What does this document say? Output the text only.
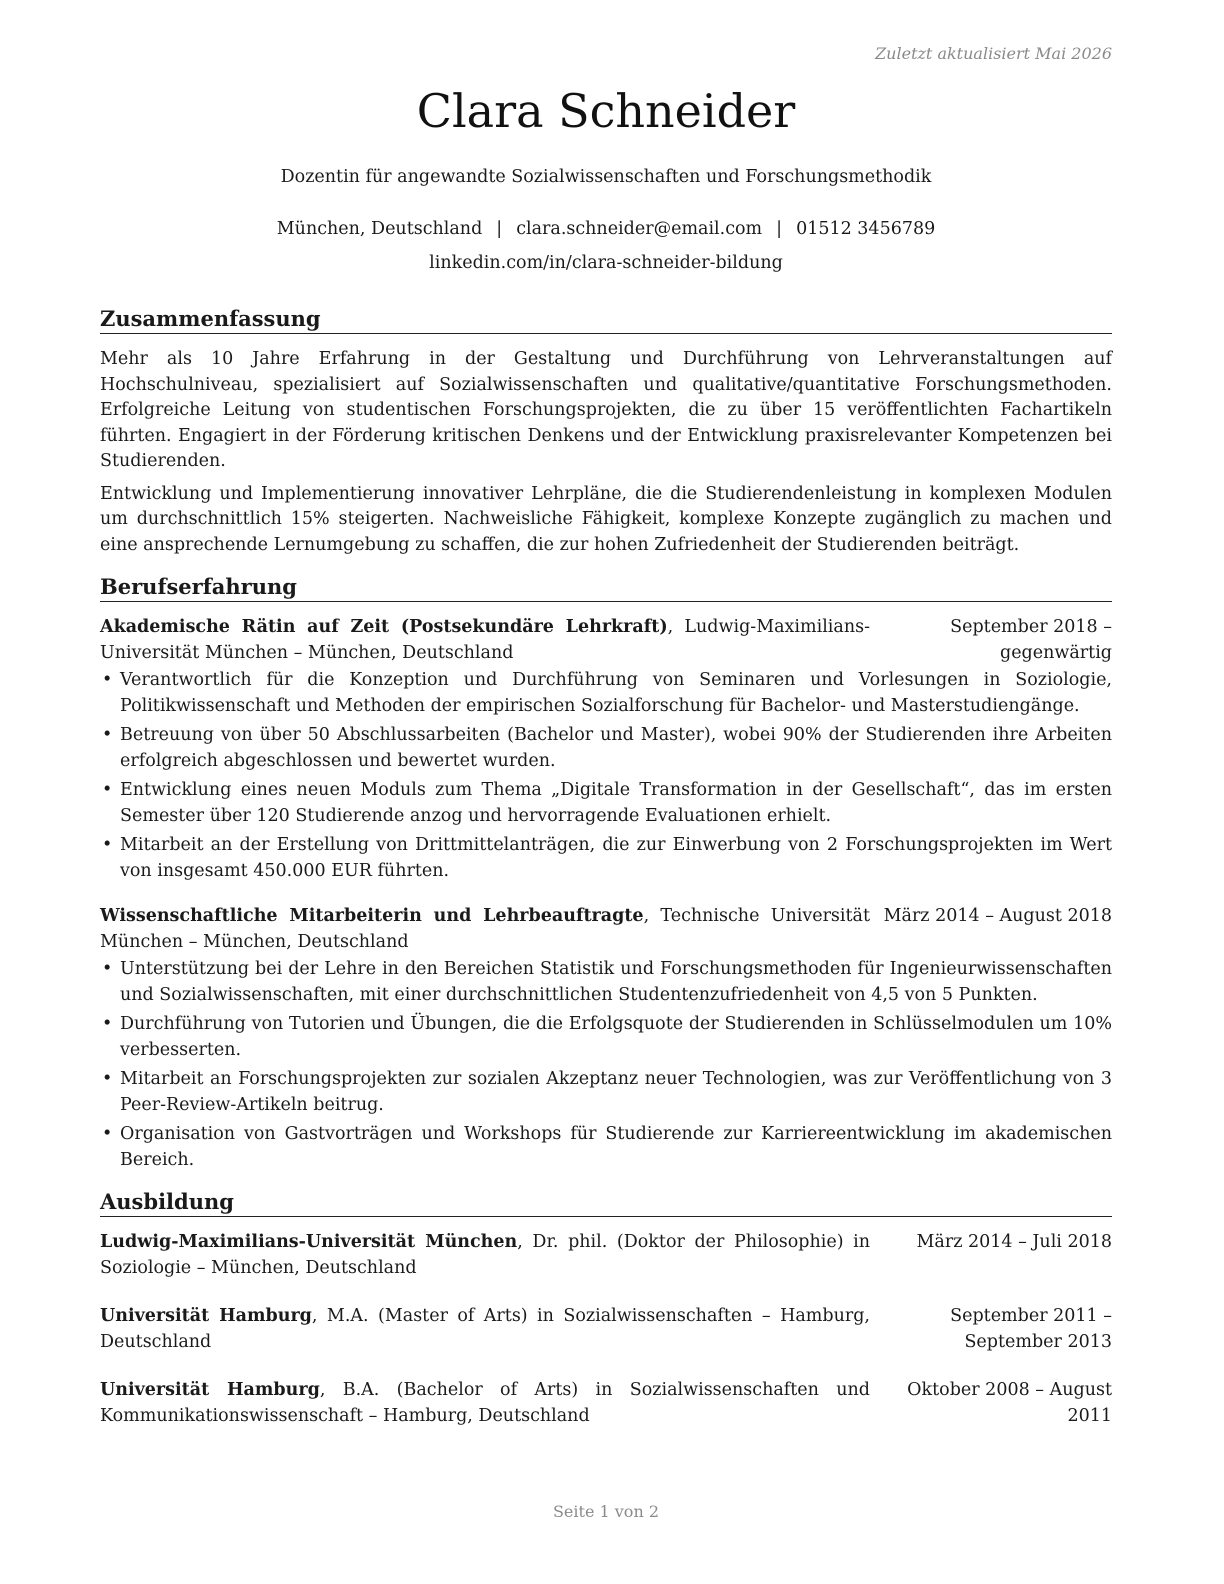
Zuletzt aktualisiert Mai 2026
Clara Schneider
Dozentin für angewandte Sozialwissenschaften und Forschungsmethodik
München, Deutschland | clara.schneider@email.com | 01512 3456789
linkedin.com/in/clara-schneider-bildung
Zusammenfassung

Mehr als 10 Jahre Erfahrung in der Gestaltung und Durchführung von Lehrveranstaltungen auf Hochschulniveau, spezialisiert auf Sozialwissenschaften und qualitative/quantitative Forschungsmethoden. Erfolgreiche Leitung von studentischen Forschungsprojekten, die zu über 15 veröffentlichten Fachartikeln führten. Engagiert in der Förderung kritischen Denkens und der Entwicklung praxisrelevanter Kompetenzen bei Studierenden.

Entwicklung und Implementierung innovativer Lehrpläne, die die Studierendenleistung in komplexen Modulen um durchschnittlich 15% steigerten. Nachweisliche Fähigkeit, komplexe Konzepte zugänglich zu machen und eine ansprechende Lernumgebung zu schaffen, die zur hohen Zufriedenheit der Studierenden beiträgt.

Berufserfahrung
Akademische Rätin auf Zeit (Postsekundäre Lehrkraft), Ludwig-Maximilians-Universität München – München, Deutschland
September 2018 – gegenwärtig
• Verantwortlich für die Konzeption und Durchführung von Seminaren und Vorlesungen in Soziologie, Politikwissenschaft und Methoden der empirischen Sozialforschung für Bachelor- und Masterstudiengänge.
• Betreuung von über 50 Abschlussarbeiten (Bachelor und Master), wobei 90% der Studierenden ihre Arbeiten erfolgreich abgeschlossen und bewertet wurden.
• Entwicklung eines neuen Moduls zum Thema „Digitale Transformation in der Gesellschaft“, das im ersten Semester über 120 Studierende anzog und hervorragende Evaluationen erhielt.
• Mitarbeit an der Erstellung von Drittmittelanträgen, die zur Einwerbung von 2 Forschungsprojekten im Wert von insgesamt 450.000 EUR führten.
Wissenschaftliche Mitarbeiterin und Lehrbeauftragte, Technische Universität München – München, Deutschland
März 2014 – August 2018
• Unterstützung bei der Lehre in den Bereichen Statistik und Forschungsmethoden für Ingenieurwissenschaften und Sozialwissenschaften, mit einer durchschnittlichen Studentenzufriedenheit von 4,5 von 5 Punkten.
• Durchführung von Tutorien und Übungen, die die Erfolgsquote der Studierenden in Schlüsselmodulen um 10% verbesserten.
• Mitarbeit an Forschungsprojekten zur sozialen Akzeptanz neuer Technologien, was zur Veröffentlichung von 3 Peer-Review-Artikeln beitrug.
• Organisation von Gastvorträgen und Workshops für Studierende zur Karriereentwicklung im akademischen Bereich.
Ausbildung
Ludwig-Maximilians-Universität München, Dr. phil. (Doktor der Philosophie) in Soziologie – München, Deutschland
März 2014 – Juli 2018
Universität Hamburg, M.A. (Master of Arts) in Sozialwissenschaften – Hamburg, Deutschland
September 2011 – September 2013
Universität Hamburg, B.A. (Bachelor of Arts) in Sozialwissenschaften und Kommunikationswissenschaft – Hamburg, Deutschland
Oktober 2008 – August 2011
Seite 1 von 2
